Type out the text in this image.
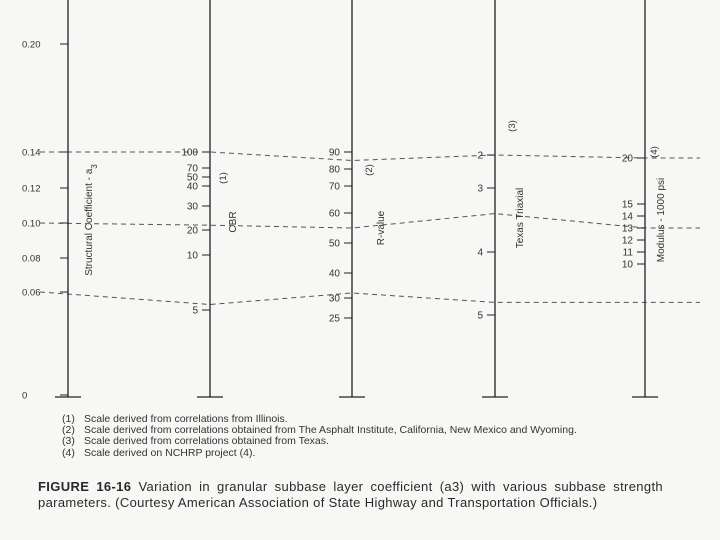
0.20
0.14
0.12
0.10
0.08
0.06
0
Structural Coefficient - $a_3$
100
70
50
40
30
20
10
5
CBR
(1)
90
80
70
60
50
40
30
25
R-value
(2)
2
3
4
5
Texas Triaxial
(3)
20
15
14
13
12
11
10
Modulus - 1000 psi
(4)
(1) Scale derived from correlations from Illinois.
(2) Scale derived from correlations obtained from The Asphalt Institute, California, New Mexico and Wyoming.
(3) Scale derived from correlations obtained from Texas.
(4) Scale derived on NCHRP project (4).
FIGURE 16-16 Variation in granular subbase layer coefficient (a3) with various subbase strength parameters. (Courtesy American Association of State Highway and Transportation Officials.)
